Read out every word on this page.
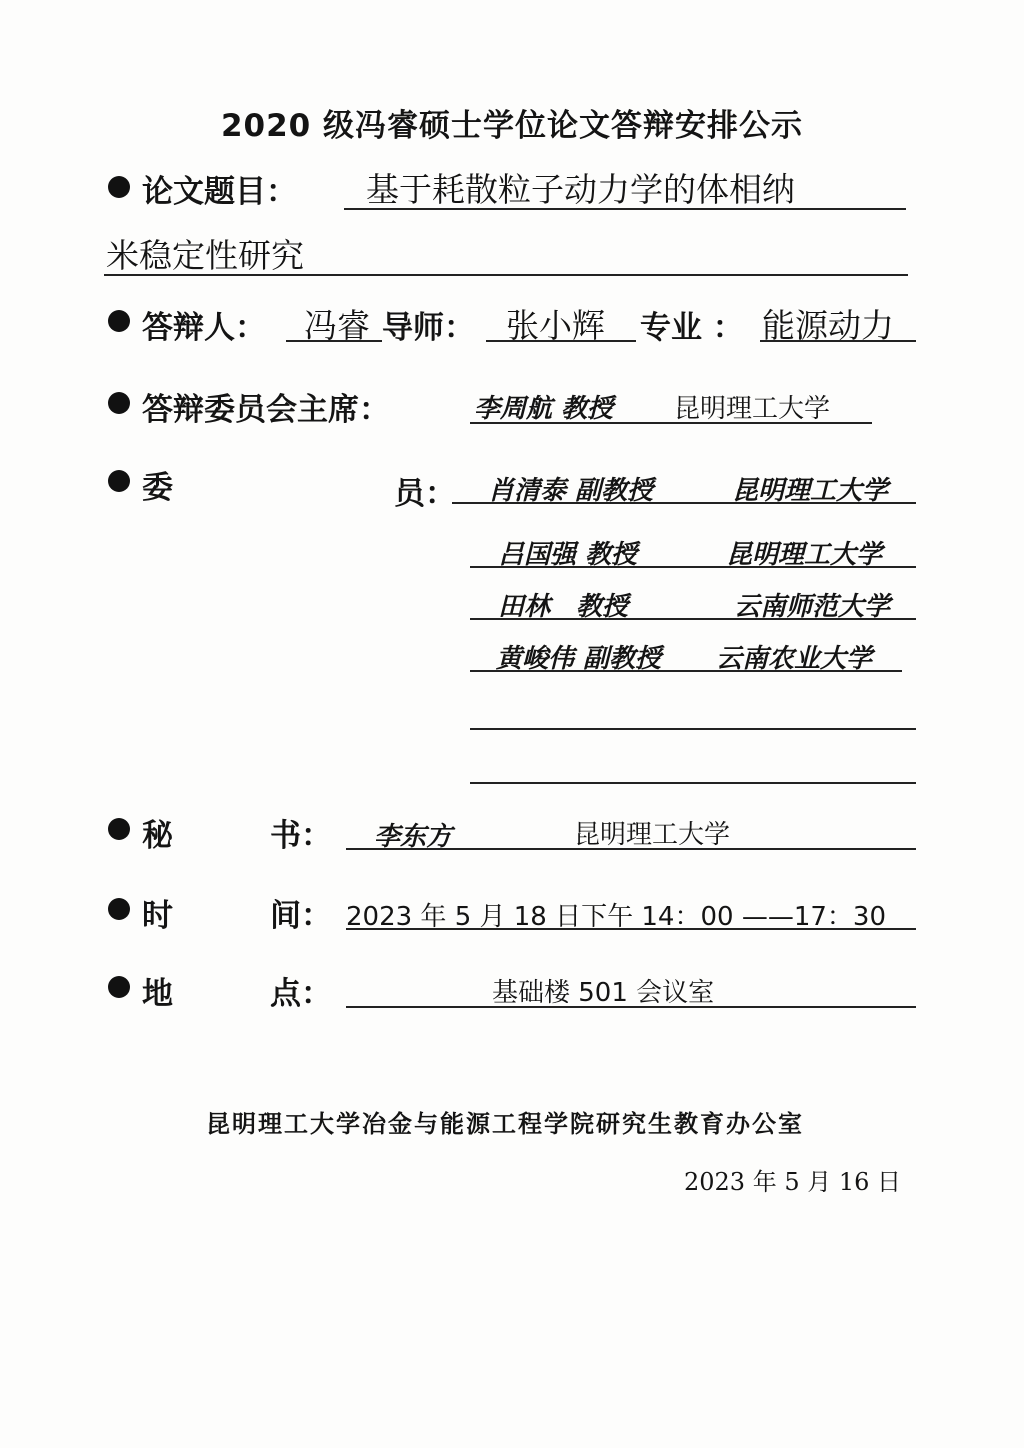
2020 级冯睿硕士学位论文答辩安排公示
论文题目： 基于耗散粒子动力学的体相纳
米稳定性研究
答辩人： 冯睿 导师： 张小辉 专业 ： 能源动力
答辩委员会主席：	李周航 教授 昆明理工大学
委	员： 肖清泰 副教授	昆明理工大学
吕国强 教授	昆明理工大学
田林　教授	云南师范大学
黄峻伟 副教授 云南农业大学
秘	书： 李东方	昆明理工大学
时	间： 2023 年 5 月 18 日下午 14：00 ——17：30
地	点：	基础楼 501 会议室
昆明理工大学冶金与能源工程学院研究生教育办公室
2023 年 5 月 16 日
